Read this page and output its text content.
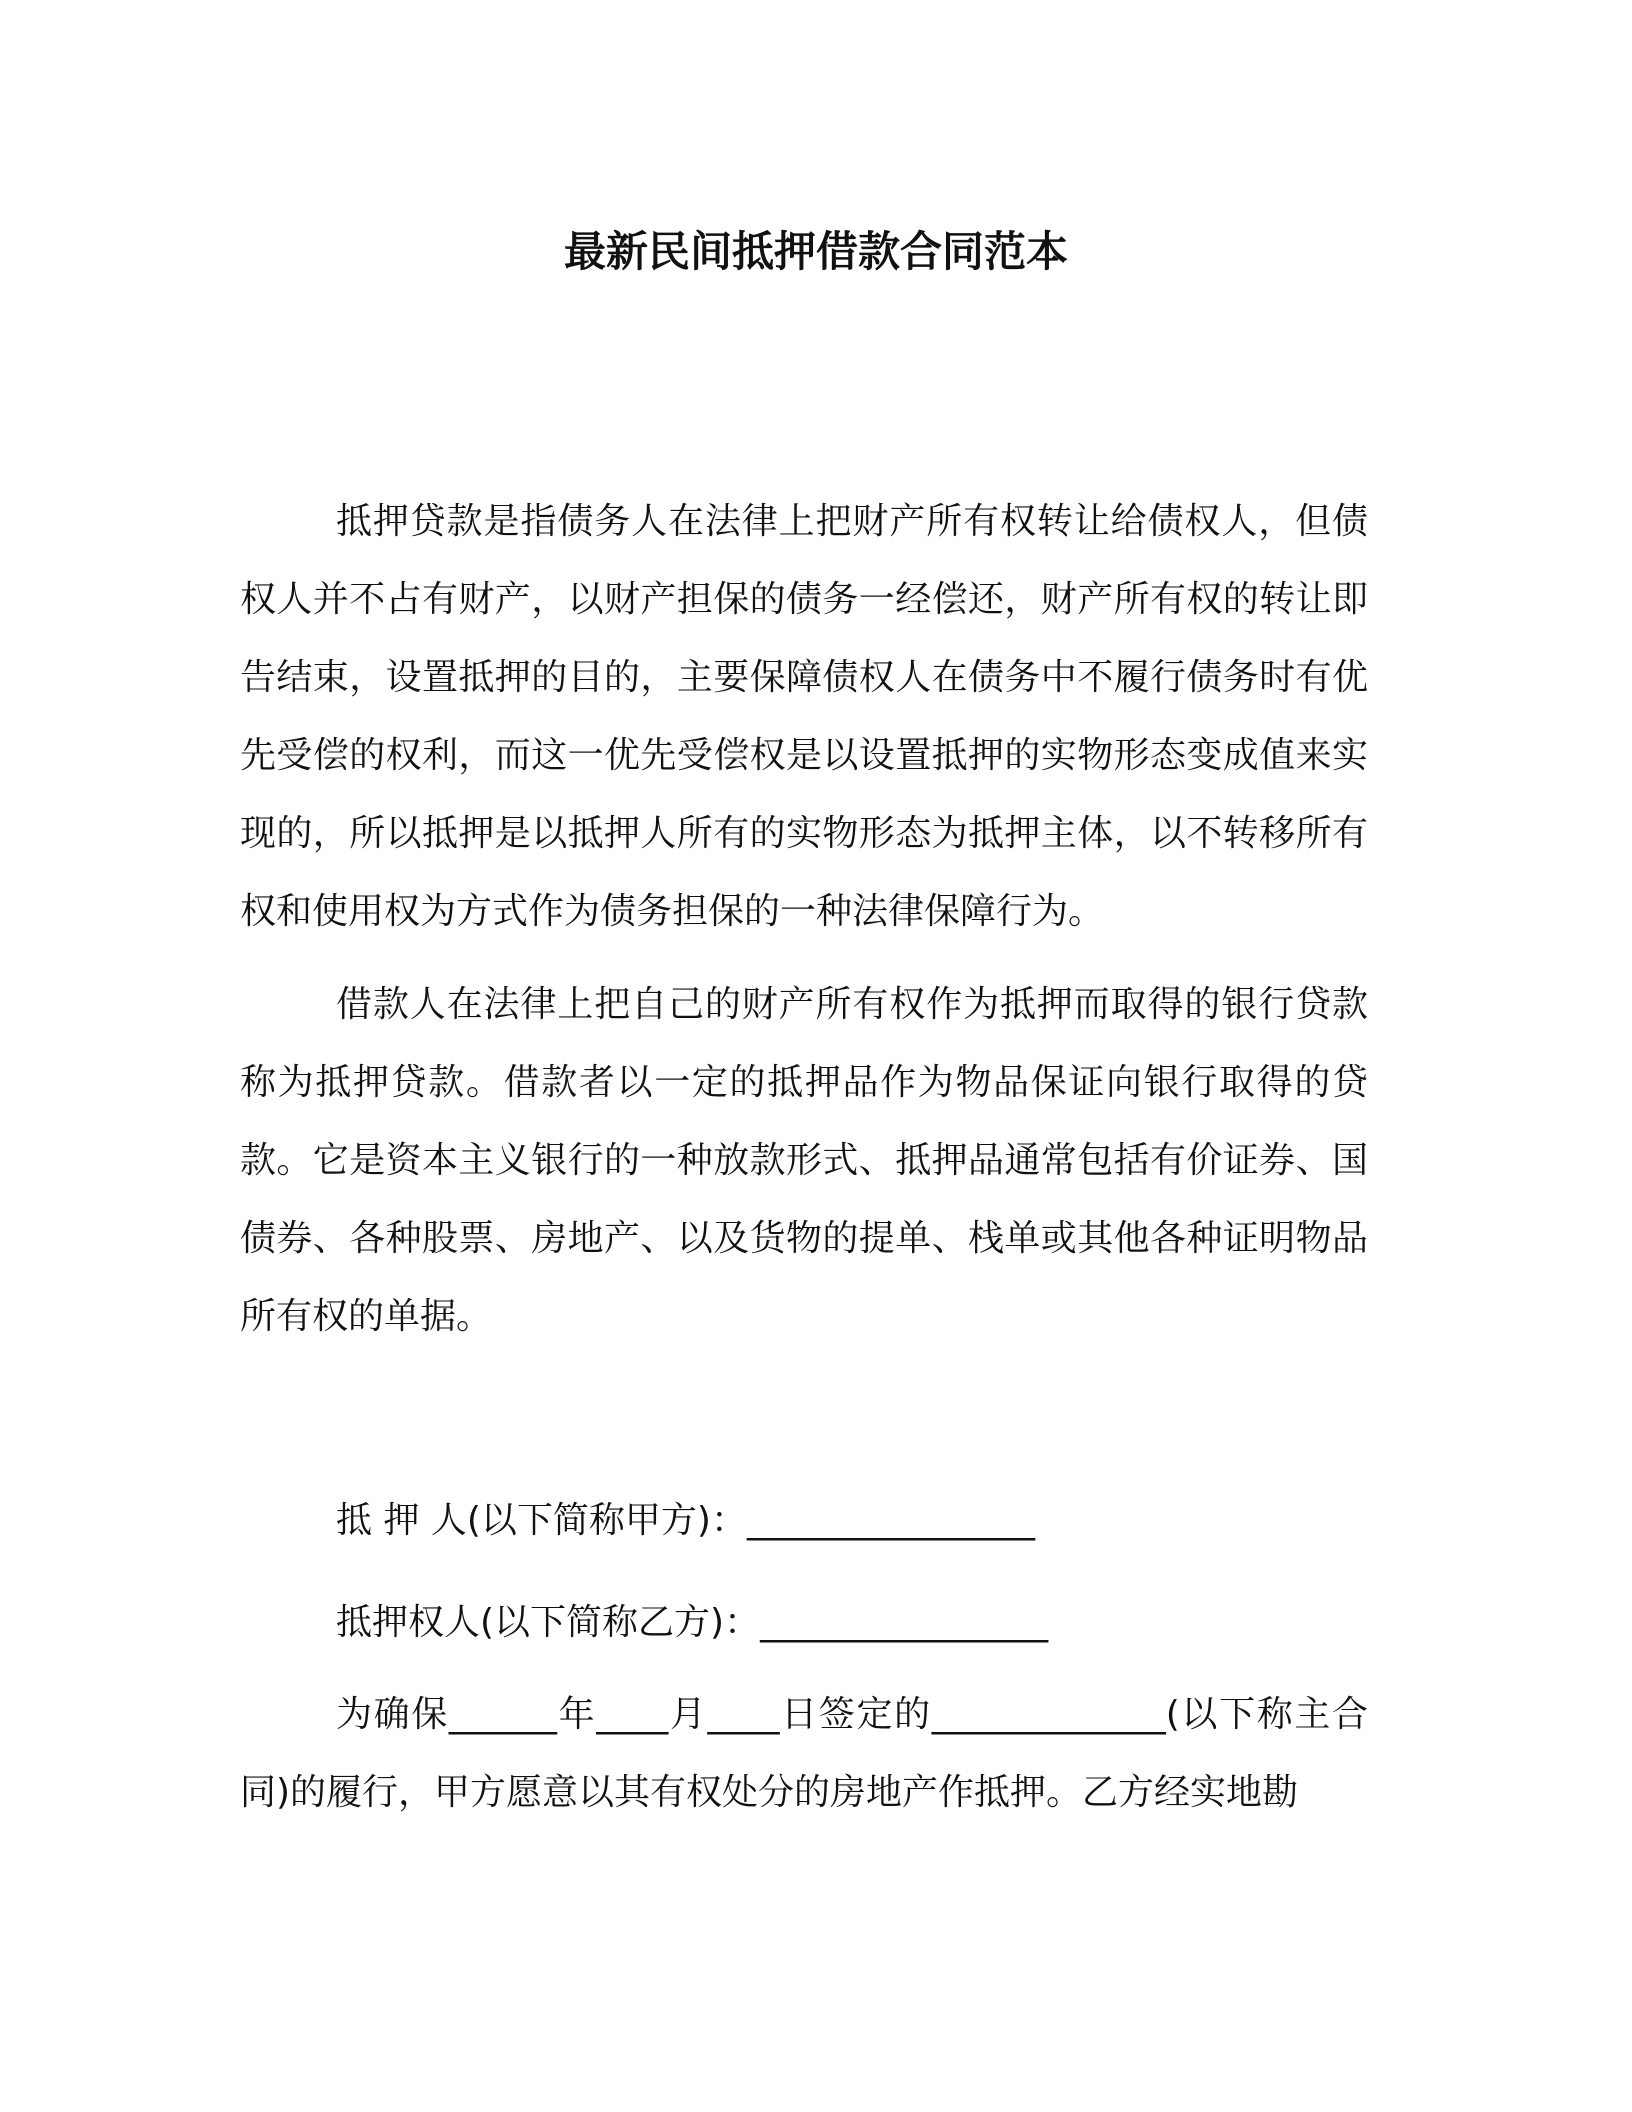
最新民间抵押借款合同范本

抵押贷款是指债务人在法律上把财产所有权转让给债权人，但债权人并不占有财产，以财产担保的债务一经偿还，财产所有权的转让即告结束，设置抵押的目的，主要保障债权人在债务中不履行债务时有优先受偿的权利，而这一优先受偿权是以设置抵押的实物形态变成值来实现的，所以抵押是以抵押人所有的实物形态为抵押主体，以不转移所有权和使用权为方式作为债务担保的一种法律保障行为。

借款人在法律上把自己的财产所有权作为抵押而取得的银行贷款称为抵押贷款。借款者以一定的抵押品作为物品保证向银行取得的贷款。它是资本主义银行的一种放款形式、抵押品通常包括有价证券、国债券、各种股票、房地产、以及货物的提单、栈单或其他各种证明物品所有权的单据。

抵 押 人(以下简称甲方)：________________

抵押权人(以下简称乙方)：________________

为确保______年____月____日签定的_____________(以下称主合同)的履行，甲方愿意以其有权处分的房地产作抵押。乙方经实地勘
